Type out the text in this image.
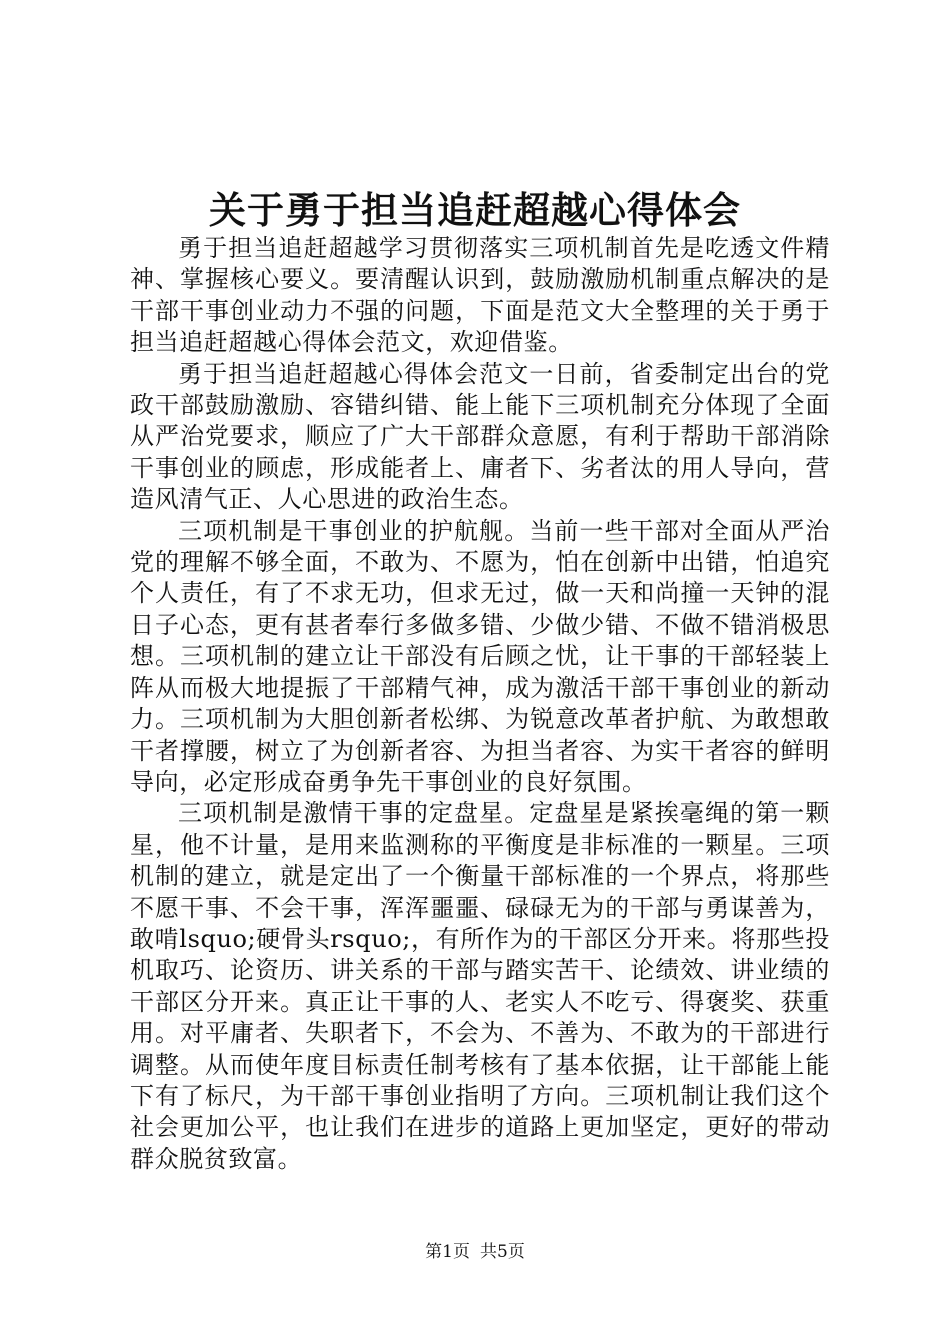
关于勇于担当追赶超越心得体会

勇于担当追赶超越学习贯彻落实三项机制首先是吃透文件精神、掌握核心要义。要清醒认识到，鼓励激励机制重点解决的是干部干事创业动力不强的问题，下面是范文大全整理的关于勇于担当追赶超越心得体会范文，欢迎借鉴。

勇于担当追赶超越心得体会范文一日前，省委制定出台的党政干部鼓励激励、容错纠错、能上能下三项机制充分体现了全面从严治党要求，顺应了广大干部群众意愿，有利于帮助干部消除干事创业的顾虑，形成能者上、庸者下、劣者汰的用人导向，营造风清气正、人心思进的政治生态。

三项机制是干事创业的护航舰。当前一些干部对全面从严治党的理解不够全面，不敢为、不愿为，怕在创新中出错，怕追究个人责任，有了不求无功，但求无过，做一天和尚撞一天钟的混日子心态，更有甚者奉行多做多错、少做少错、不做不错消极思想。三项机制的建立让干部没有后顾之忧，让干事的干部轻装上阵从而极大地提振了干部精气神，成为激活干部干事创业的新动力。三项机制为大胆创新者松绑、为锐意改革者护航、为敢想敢干者撑腰，树立了为创新者容、为担当者容、为实干者容的鲜明导向，必定形成奋勇争先干事创业的良好氛围。

三项机制是激情干事的定盘星。定盘星是紧挨毫绳的第一颗星，他不计量，是用来监测称的平衡度是非标准的一颗星。三项机制的建立，就是定出了一个衡量干部标准的一个界点，将那些不愿干事、不会干事，浑浑噩噩、碌碌无为的干部与勇谋善为，敢啃lsquo;硬骨头rsquo;，有所作为的干部区分开来。将那些投机取巧、论资历、讲关系的干部与踏实苦干、论绩效、讲业绩的干部区分开来。真正让干事的人、老实人不吃亏、得褒奖、获重用。对平庸者、失职者下，不会为、不善为、不敢为的干部进行调整。从而使年度目标责任制考核有了基本依据，让干部能上能下有了标尺，为干部干事创业指明了方向。三项机制让我们这个社会更加公平，也让我们在进步的道路上更加坚定，更好的带动群众脱贫致富。

第1页 共5页
